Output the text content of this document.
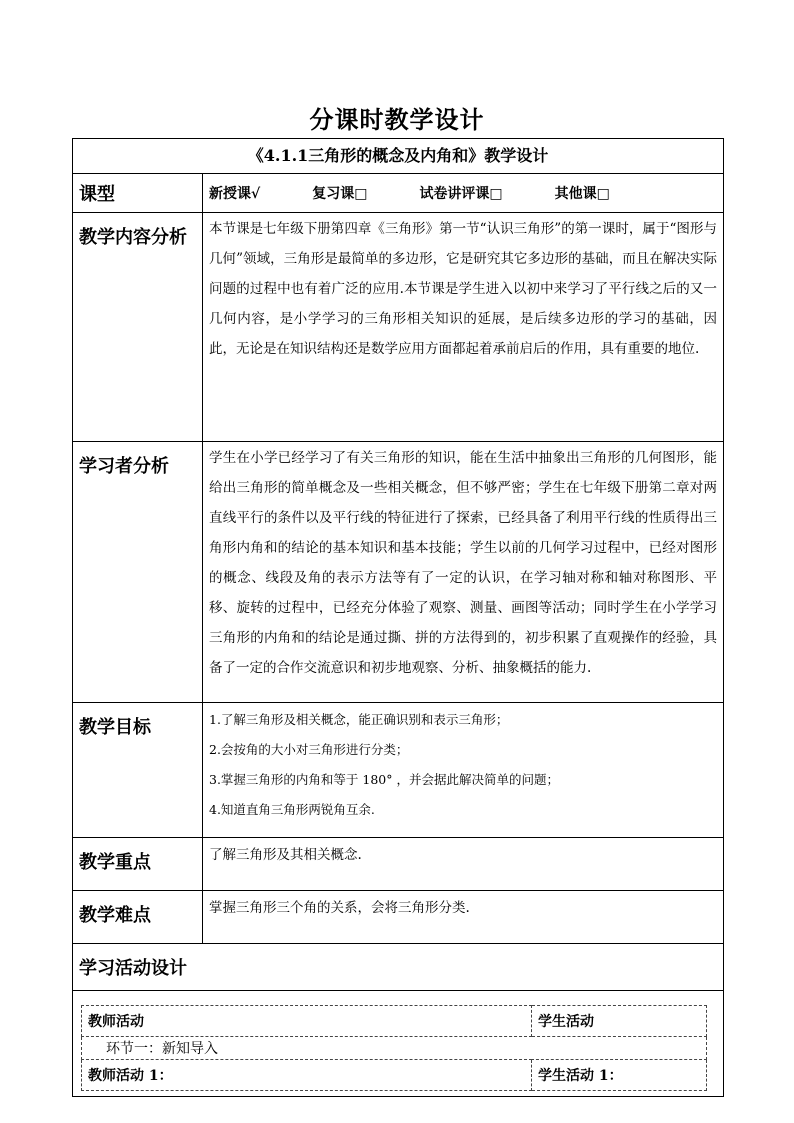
分课时教学设计
《4.1.1三角形的概念及内角和》教学设计
课型	新授课√	复习课□	试卷讲评课□	其他课□

教学内容分析	本节课是七年级下册第四章《三角形》第一节“认识三角形”的第一课时，属于“图形与几何”领域，三角形是最简单的多边形，它是研究其它多边形的基础，而且在解决实际问题的过程中也有着广泛的应用.本节课是学生进入以初中来学习了平行线之后的又一几何内容，是小学学习的三角形相关知识的延展，是后续多边形的学习的基础，因此，无论是在知识结构还是数学应用方面都起着承前启后的作用，具有重要的地位.
学习者分析	学生在小学已经学习了有关三角形的知识，能在生活中抽象出三角形的几何图形，能给出三角形的简单概念及一些相关概念，但不够严密；学生在七年级下册第二章对两直线平行的条件以及平行线的特征进行了探索，已经具备了利用平行线的性质得出三角形内角和的结论的基本知识和基本技能；学生以前的几何学习过程中，已经对图形的概念、线段及角的表示方法等有了一定的认识，在学习轴对称和轴对称图形、平移、旋转的过程中，已经充分体验了观察、测量、画图等活动；同时学生在小学学习三角形的内角和的结论是通过撕、拼的方法得到的，初步积累了直观操作的经验，具备了一定的合作交流意识和初步地观察、分析、抽象概括的能力.
教学目标	1.了解三角形及相关概念，能正确识别和表示三角形；
2.会按角的大小对三角形进行分类；
3.掌握三角形的内角和等于 180° ，并会据此解决简单的问题；
4.知道直角三角形两锐角互余.

教学重点	了解三角形及其相关概念.

教学难点	掌握三角形三个角的关系，会将三角形分类.

学习活动设计

教师活动	学生活动
环节一：新知导入
教师活动 1：	学生活动 1：
